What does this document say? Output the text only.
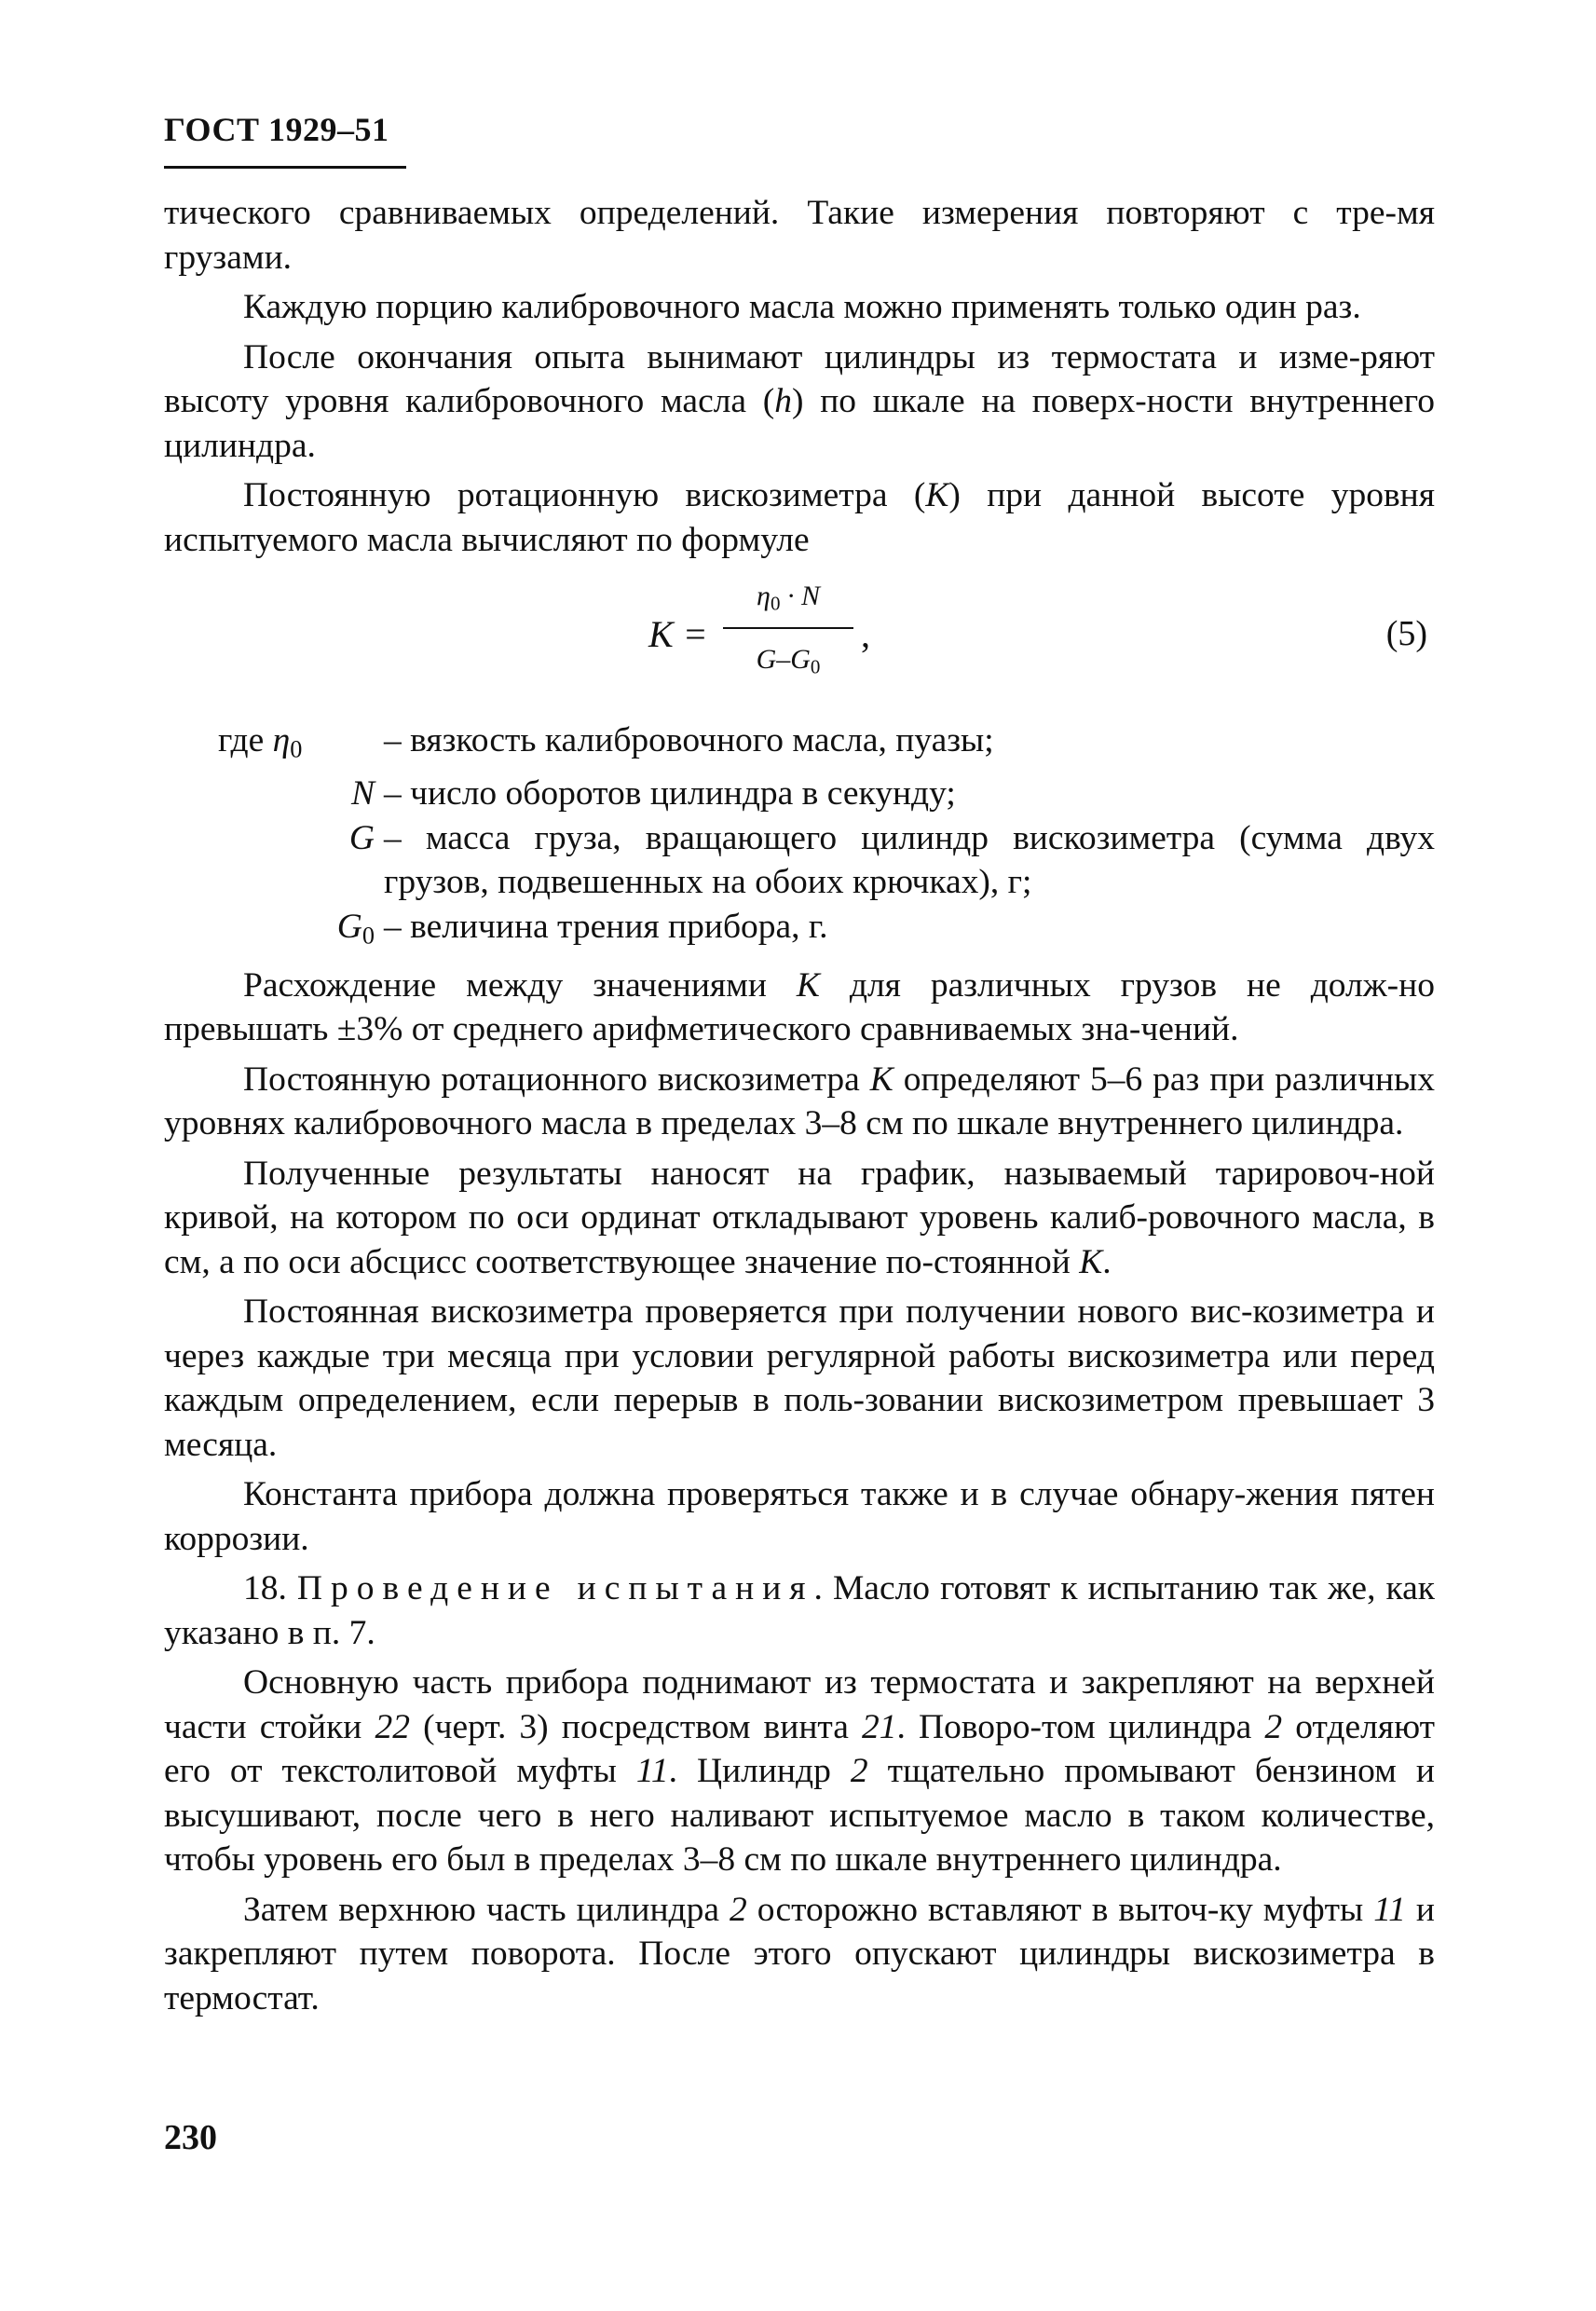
ГОСТ 1929–51

тического сравниваемых определений. Такие измерения повторяют с тре-мя грузами.

Каждую порцию калибровочного масла можно применять только один раз.

После окончания опыта вынимают цилиндры из термостата и изме-ряют высоту уровня калибровочного масла (h) по шкале на поверх-ности внутреннего цилиндра.

Постоянную ротационную вискозиметра (K) при данной высоте уровня испытуемого масла вычисляют по формуле

K =
$\eta_0 \cdot N$
$G-G_0$
,	(5)
где $\eta_0$	– вязкость калибровочного масла, пуазы;
N – число оборотов цилиндра в секунду;
G – масса груза, вращающего цилиндр вискозиметра (сумма двух грузов, подвешенных на обоих крючках), г;
$G_0$ – величина трения прибора, г.

Расхождение между значениями K для различных грузов не долж-но превышать ±3% от среднего арифметического сравниваемых зна-чений.

Постоянную ротационного вискозиметра K определяют 5–6 раз при различных уровнях калибровочного масла в пределах 3–8 см по шкале внутреннего цилиндра.

Полученные результаты наносят на график, называемый тарировоч-ной кривой, на котором по оси ординат откладывают уровень калиб-ровочного масла, в см, а по оси абсцисс соответствующее значение по-стоянной K.

Постоянная вискозиметра проверяется при получении нового вис-козиметра и через каждые три месяца при условии регулярной работы вискозиметра или перед каждым определением, если перерыв в поль-зовании вискозиметром превышает 3 месяца.

Константа прибора должна проверяться также и в случае обнару-жения пятен коррозии.

18. Проведение испытания. Масло готовят к испытанию так же, как указано в п. 7.

Основную часть прибора поднимают из термостата и закрепляют на верхней части стойки 22 (черт. 3) посредством винта 21. Поворо-том цилиндра 2 отделяют его от текстолитовой муфты 11. Цилиндр 2 тщательно промывают бензином и высушивают, после чего в него наливают испытуемое масло в таком количестве, чтобы уровень его был в пределах 3–8 см по шкале внутреннего цилиндра.

Затем верхнюю часть цилиндра 2 осторожно вставляют в выточ-ку муфты 11 и закрепляют путем поворота. После этого опускают цилиндры вискозиметра в термостат.

230
